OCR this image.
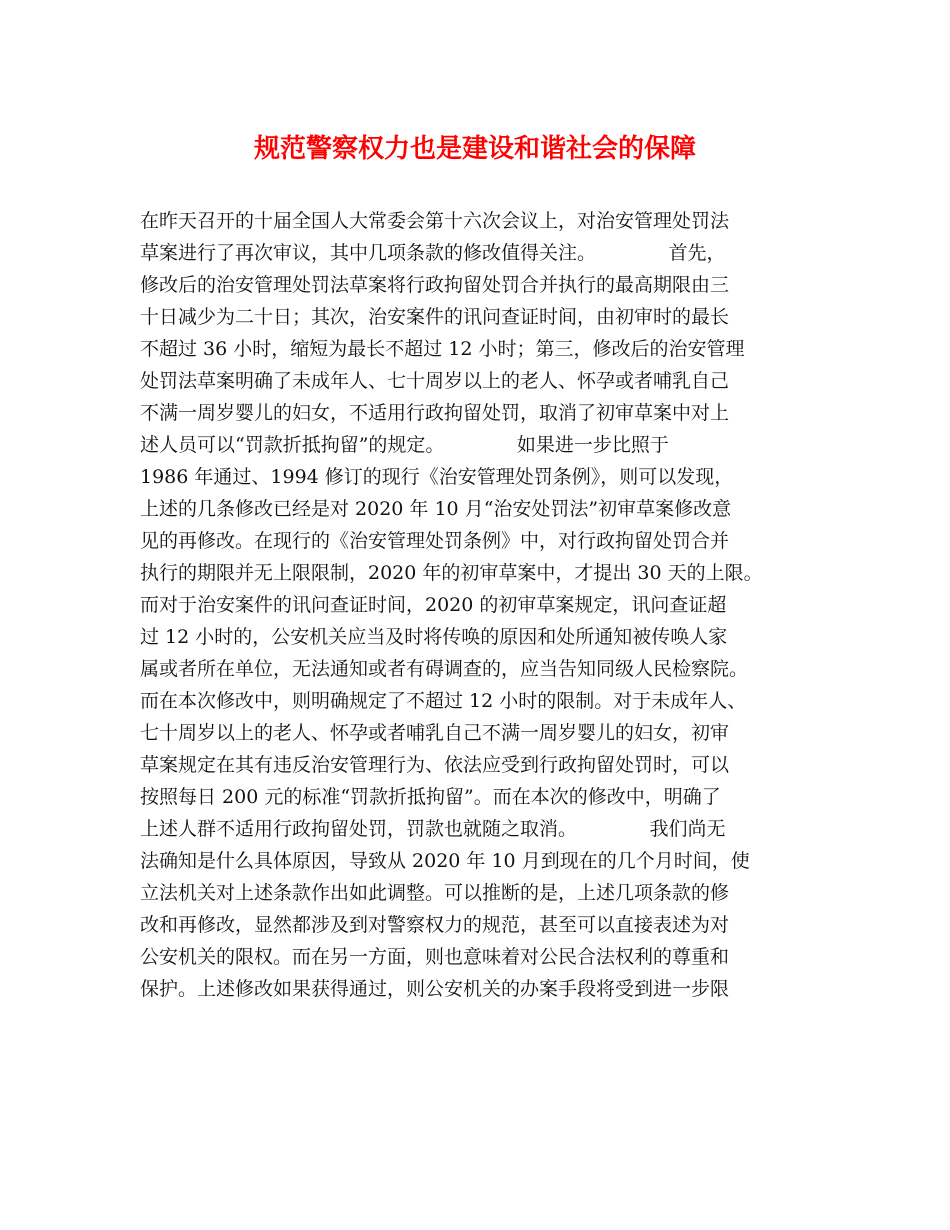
规范警察权力也是建设和谐社会的保障
在昨天召开的十届全国人大常委会第十六次会议上，对治安管理处罚法
草案进行了再次审议，其中几项条款的修改值得关注。            首先，
修改后的治安管理处罚法草案将行政拘留处罚合并执行的最高期限由三
十日减少为二十日；其次，治安案件的讯问查证时间，由初审时的最长
不超过 36 小时，缩短为最长不超过 12 小时；第三，修改后的治安管理
处罚法草案明确了未成年人、七十周岁以上的老人、怀孕或者哺乳自己
不满一周岁婴儿的妇女，不适用行政拘留处罚，取消了初审草案中对上
述人员可以“罚款折抵拘留”的规定。            如果进一步比照于
1986 年通过、1994 修订的现行《治安管理处罚条例》，则可以发现，
上述的几条修改已经是对 2020 年 10 月“治安处罚法”初审草案修改意
见的再修改。在现行的《治安管理处罚条例》中，对行政拘留处罚合并
执行的期限并无上限限制，2020 年的初审草案中，才提出 30 天的上限。
而对于治安案件的讯问查证时间，2020 的初审草案规定，讯问查证超
过 12 小时的，公安机关应当及时将传唤的原因和处所通知被传唤人家
属或者所在单位，无法通知或者有碍调查的，应当告知同级人民检察院。
而在本次修改中，则明确规定了不超过 12 小时的限制。对于未成年人、
七十周岁以上的老人、怀孕或者哺乳自己不满一周岁婴儿的妇女，初审
草案规定在其有违反治安管理行为、依法应受到行政拘留处罚时，可以
按照每日 200 元的标准“罚款折抵拘留”。而在本次的修改中，明确了
上述人群不适用行政拘留处罚，罚款也就随之取消。            我们尚无
法确知是什么具体原因，导致从 2020 年 10 月到现在的几个月时间，使
立法机关对上述条款作出如此调整。可以推断的是，上述几项条款的修
改和再修改，显然都涉及到对警察权力的规范，甚至可以直接表述为对
公安机关的限权。而在另一方面，则也意味着对公民合法权利的尊重和
保护。上述修改如果获得通过，则公安机关的办案手段将受到进一步限
